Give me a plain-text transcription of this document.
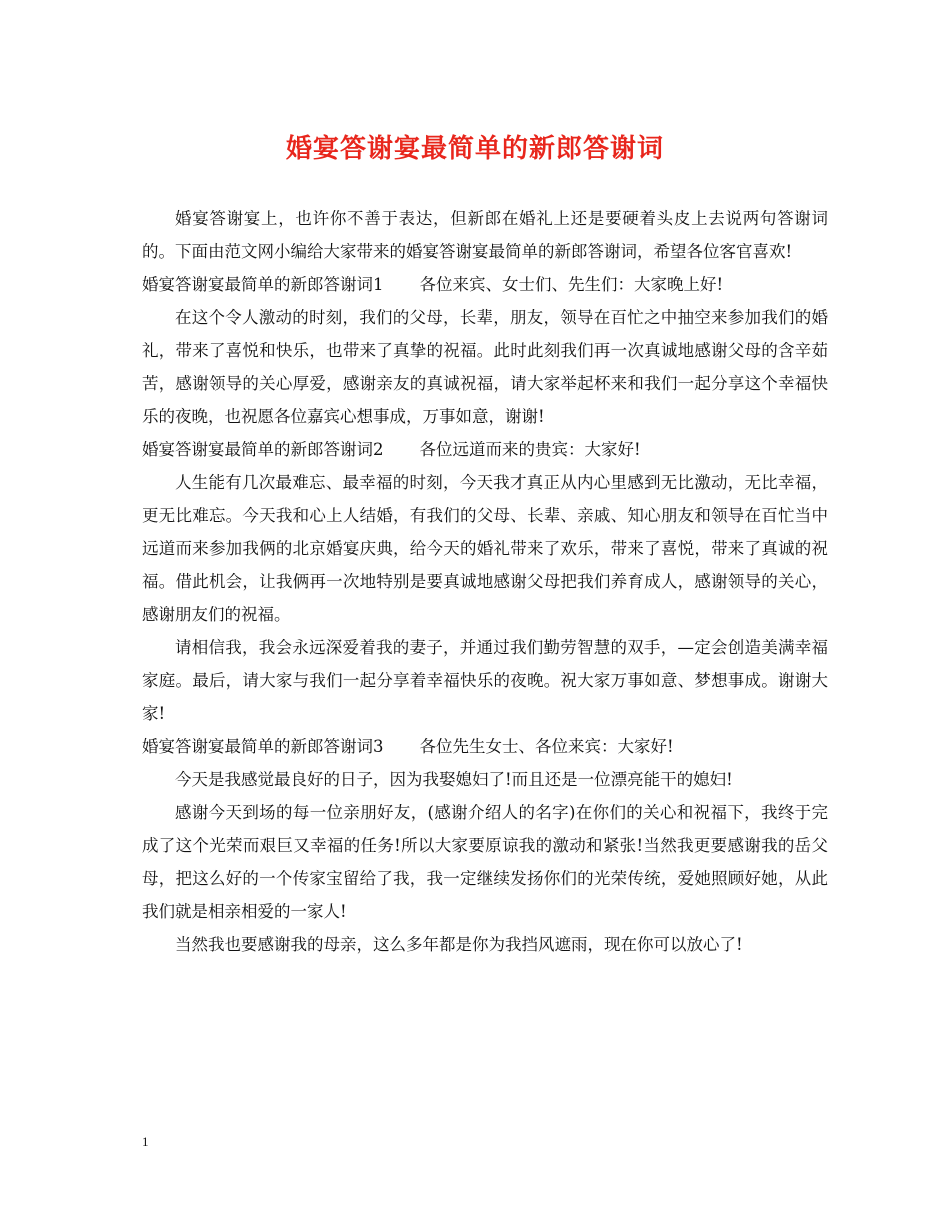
婚宴答谢宴最简单的新郎答谢词

婚宴答谢宴上，也许你不善于表达，但新郎在婚礼上还是要硬着头皮上去说两句答谢词的。下面由范文网小编给大家带来的婚宴答谢宴最简单的新郎答谢词，希望各位客官喜欢!

婚宴答谢宴最简单的新郎答谢词1 各位来宾、女士们、先生们：大家晚上好!

在这个令人激动的时刻，我们的父母，长辈，朋友，领导在百忙之中抽空来参加我们的婚礼，带来了喜悦和快乐，也带来了真挚的祝福。此时此刻我们再一次真诚地感谢父母的含辛茹苦，感谢领导的关心厚爱，感谢亲友的真诚祝福，请大家举起杯来和我们一起分享这个幸福快乐的夜晚，也祝愿各位嘉宾心想事成，万事如意，谢谢!

婚宴答谢宴最简单的新郎答谢词2 各位远道而来的贵宾：大家好!

人生能有几次最难忘、最幸福的时刻，今天我才真正从内心里感到无比激动，无比幸福，更无比难忘。今天我和心上人结婚，有我们的父母、长辈、亲戚、知心朋友和领导在百忙当中远道而来参加我俩的北京婚宴庆典，给今天的婚礼带来了欢乐，带来了喜悦，带来了真诚的祝福。借此机会，让我俩再一次地特别是要真诚地感谢父母把我们养育成人，感谢领导的关心，感谢朋友们的祝福。

请相信我，我会永远深爱着我的妻子，并通过我们勤劳智慧的双手，—定会创造美满幸福家庭。最后，请大家与我们一起分享着幸福快乐的夜晚。祝大家万事如意、梦想事成。谢谢大家!

婚宴答谢宴最简单的新郎答谢词3 各位先生女士、各位来宾：大家好!

今天是我感觉最良好的日子，因为我娶媳妇了!而且还是一位漂亮能干的媳妇!

感谢今天到场的每一位亲朋好友，(感谢介绍人的名字)在你们的关心和祝福下，我终于完成了这个光荣而艰巨又幸福的任务!所以大家要原谅我的激动和紧张!当然我更要感谢我的岳父母，把这么好的一个传家宝留给了我，我一定继续发扬你们的光荣传统，爱她照顾好她，从此我们就是相亲相爱的一家人!

当然我也要感谢我的母亲，这么多年都是你为我挡风遮雨，现在你可以放心了!

1
